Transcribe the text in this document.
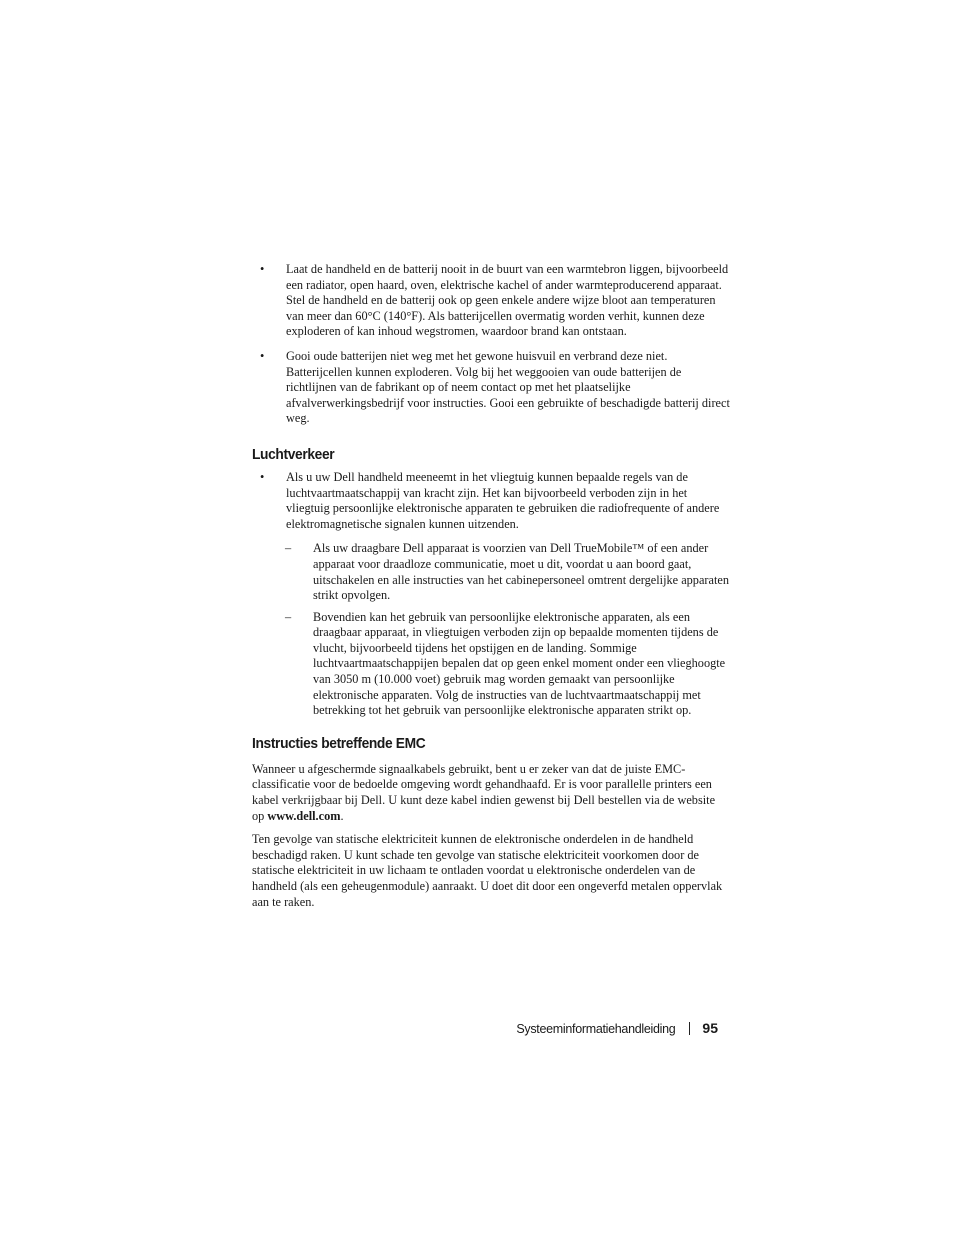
• Laat de handheld en de batterij nooit in de buurt van een warmtebron liggen, bijvoorbeeld een radiator, open haard, oven, elektrische kachel of ander warmteproducerend apparaat. Stel de handheld en de batterij ook op geen enkele andere wijze bloot aan temperaturen van meer dan 60°C (140°F). Als batterijcellen overmatig worden verhit, kunnen deze exploderen of kan inhoud wegstromen, waardoor brand kan ontstaan.
• Gooi oude batterijen niet weg met het gewone huisvuil en verbrand deze niet. Batterijcellen kunnen exploderen. Volg bij het weggooien van oude batterijen de richtlijnen van de fabrikant op of neem contact op met het plaatselijke afvalverwerkingsbedrijf voor instructies. Gooi een gebruikte of beschadigde batterij direct weg.
Luchtverkeer
• Als u uw Dell handheld meeneemt in het vliegtuig kunnen bepaalde regels van de luchtvaartmaatschappij van kracht zijn. Het kan bijvoorbeeld verboden zijn in het vliegtuig persoonlijke elektronische apparaten te gebruiken die radiofrequente of andere elektromagnetische signalen kunnen uitzenden.
– Als uw draagbare Dell apparaat is voorzien van Dell TrueMobile™ of een ander apparaat voor draadloze communicatie, moet u dit, voordat u aan boord gaat, uitschakelen en alle instructies van het cabinepersoneel omtrent dergelijke apparaten strikt opvolgen.
– Bovendien kan het gebruik van persoonlijke elektronische apparaten, als een draagbaar apparaat, in vliegtuigen verboden zijn op bepaalde momenten tijdens de vlucht, bijvoorbeeld tijdens het opstijgen en de landing. Sommige luchtvaartmaatschappijen bepalen dat op geen enkel moment onder een vlieghoogte van 3050 m (10.000 voet) gebruik mag worden gemaakt van persoonlijke elektronische apparaten. Volg de instructies van de luchtvaartmaatschappij met betrekking tot het gebruik van persoonlijke elektronische apparaten strikt op.
Instructies betreffende EMC

Wanneer u afgeschermde signaalkabels gebruikt, bent u er zeker van dat de juiste EMC-classificatie voor de bedoelde omgeving wordt gehandhaafd. Er is voor parallelle printers een kabel verkrijgbaar bij Dell. U kunt deze kabel indien gewenst bij Dell bestellen via de website op www.dell.com.

Ten gevolge van statische elektriciteit kunnen de elektronische onderdelen in de handheld beschadigd raken. U kunt schade ten gevolge van statische elektriciteit voorkomen door de statische elektriciteit in uw lichaam te ontladen voordat u elektronische onderdelen van de handheld (als een geheugenmodule) aanraakt. U doet dit door een ongeverfd metalen oppervlak aan te raken.

Systeeminformatiehandleiding 95
